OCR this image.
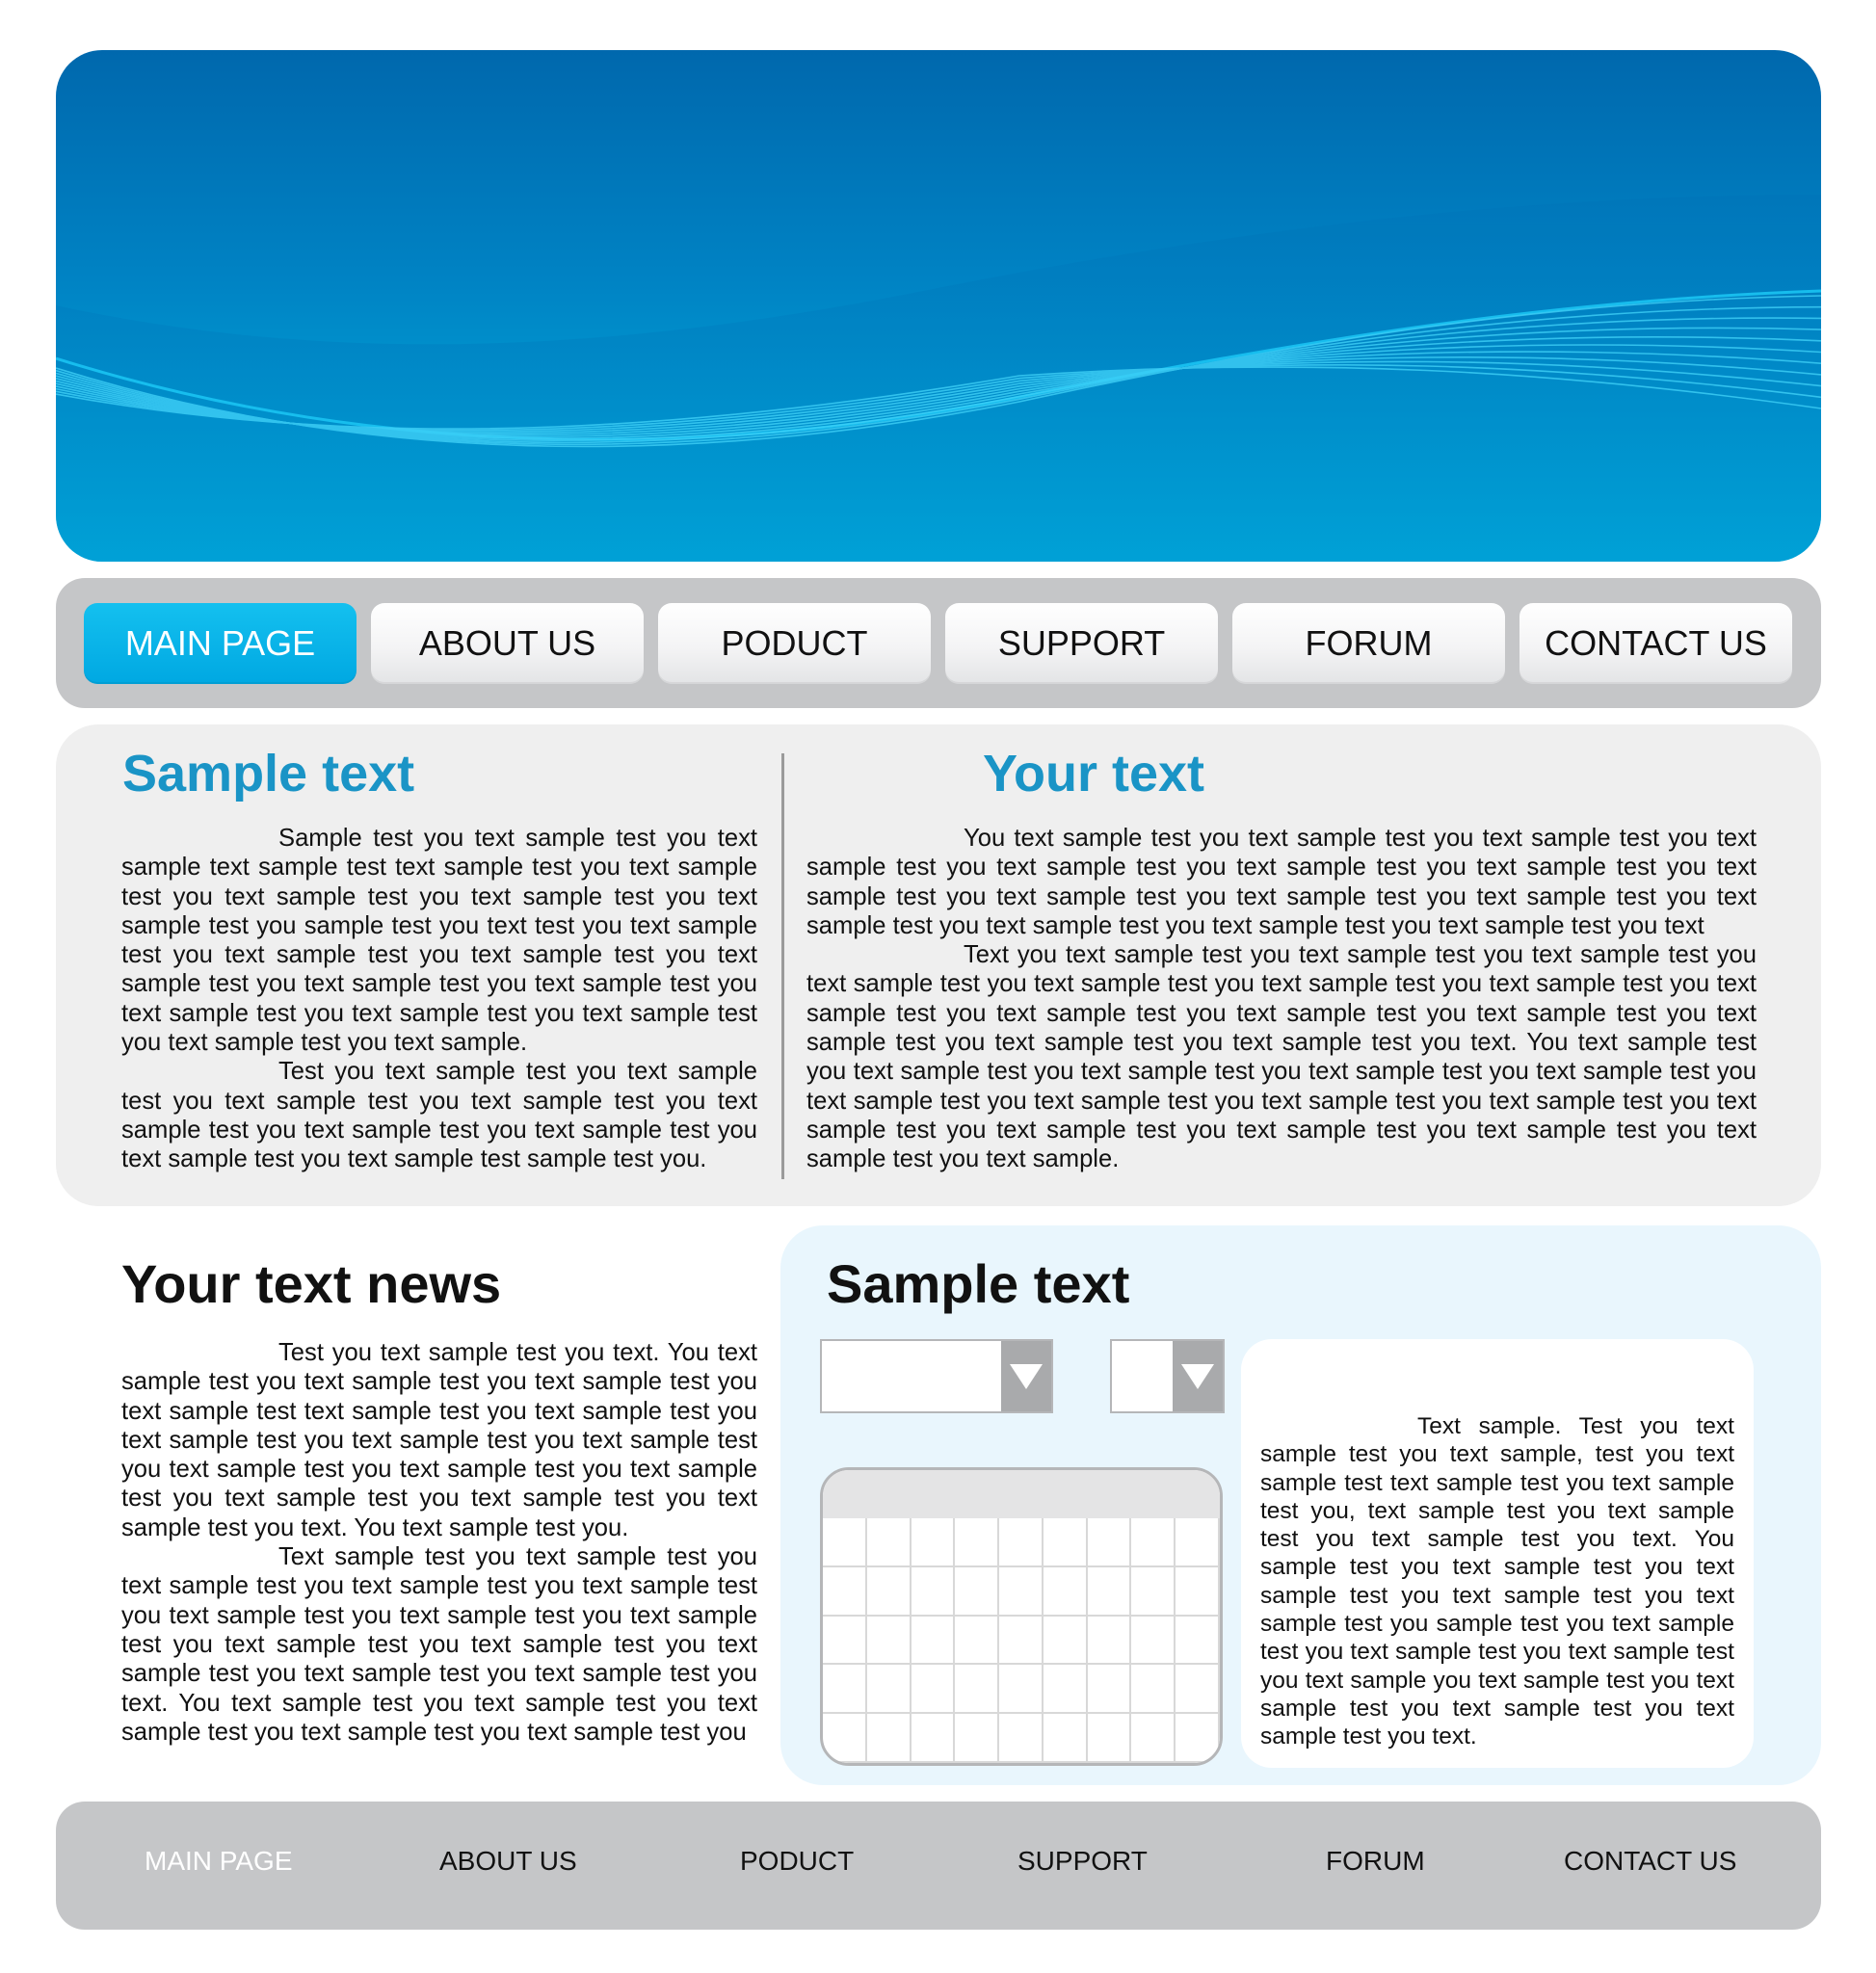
MAIN PAGE	ABOUT US	PODUCT	SUPPORT	FORUM	CONTACT US
Sample text

Sample test you text sample test you text sample text sample test text sample test you text sample test you text sample test you text sample test you text sample test you sample test you text test you text sample test you text sample test you text sample test you text sample test you text sample test you text sample test you text sample test you text sample test you text sample test you text sample test you text sample.

Test you text sample test you text sample test you text sample test you text sample test you text sample test you text sample test you text sample test you text sample test you text sample test sample test you.

Your text

You text sample test you text sample test you text sample test you text sample test you text sample test you text sample test you text sample test you text sample test you text sample test you text sample test you text sample test you text sample test you text sample test you text sample test you text sample test you text

Text you text sample test you text sample test you text sample test you text sample test you text sample test you text sample test you text sample test you text sample test you text sample test you text sample test you text sample test you text sample test you text sample test you text sample test you text. You text sample test you text sample test you text sample test you text sample test you text sample test you text sample test you text sample test you text sample test you text sample test you text sample test you text sample test you text sample test you text sample test you text sample test you text sample.

Your text news

Test you text sample test you text. You text sample test you text sample test you text sample test you text sample test text sample test you text sample test you text sample test you text sample test you text sample test you text sample test you text sample test you text sample test you text sample test you text sample test you text sample test you text. You text sample test you.

Text sample test you text sample test you text sample test you text sample test you text sample test you text sample test you text sample test you text sample test you text sample test you text sample test you text sample test you text sample test you text sample test you text. You text sample test you text sample test you text sample test you text sample test you text sample test you

Sample text

Text sample. Test you text sample test you text sample, test you text sample test text sample test you text sample test you, text sample test you text sample test you text sample test you text. You sample test you text sample test you text sample test you text sample test you text sample test you sample test you text sample test you text sample test you text sample test you text sample you text sample test you text sample test you text sample test you text sample test you text.

MAIN PAGE	ABOUT US	PODUCT	SUPPORT	FORUM	CONTACT US
